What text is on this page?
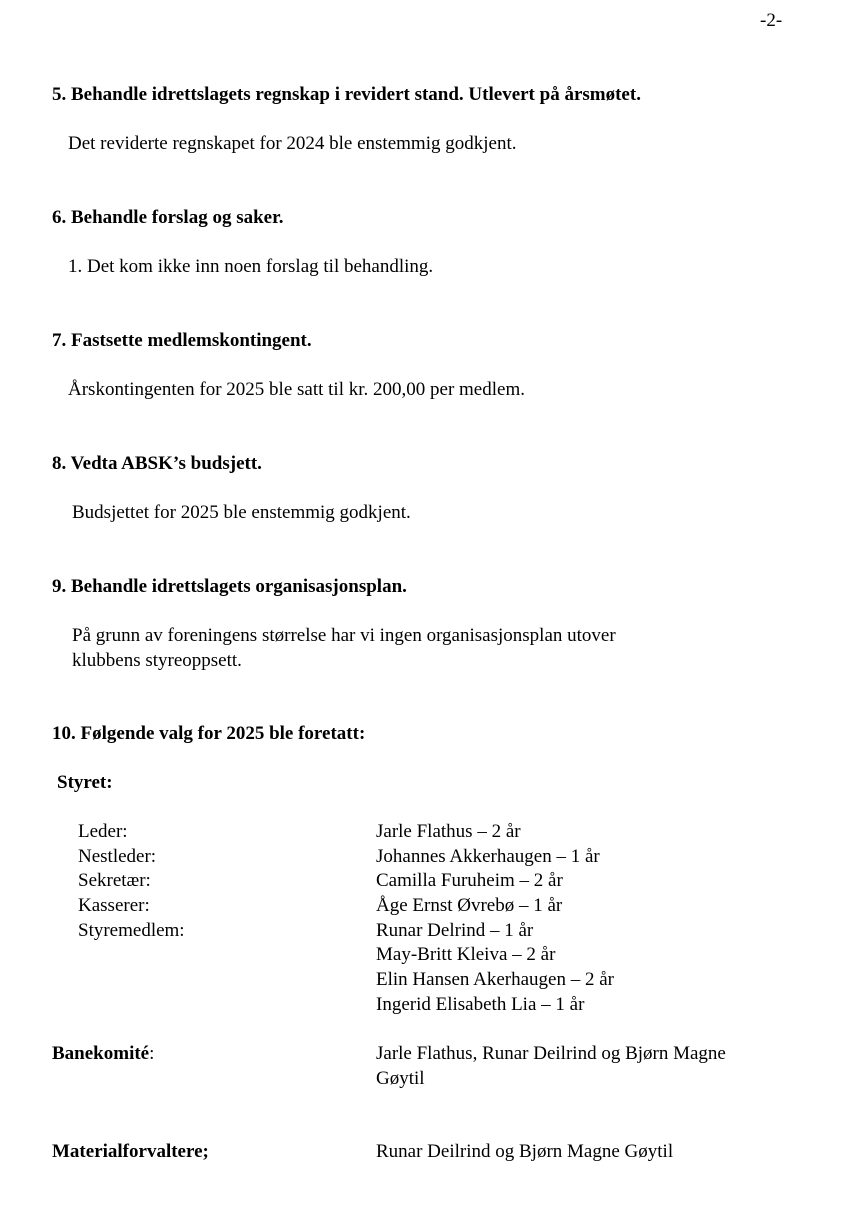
-2-
5. Behandle idrettslagets regnskap i revidert stand. Utlevert på årsmøtet.
Det reviderte regnskapet for 2024 ble enstemmig godkjent.
6. Behandle forslag og saker.
1. Det kom ikke inn noen forslag til behandling.
7. Fastsette medlemskontingent.
Årskontingenten for 2025 ble satt til kr. 200,00 per medlem.
8. Vedta ABSK’s budsjett.
Budsjettet for 2025 ble enstemmig godkjent.
9. Behandle idrettslagets organisasjonsplan.
På grunn av foreningens størrelse har vi ingen organisasjonsplan utover
klubbens styreoppsett.
10. Følgende valg for 2025 ble foretatt:
Styret:
Leder:
Nestleder:
Sekretær:
Kasserer:
Styremedlem:
Jarle Flathus – 2 år
Johannes Akkerhaugen – 1 år
Camilla Furuheim – 2 år
Åge Ernst Øvrebø – 1 år
Runar Delrind – 1 år
May-Britt Kleiva – 2 år
Elin Hansen Akerhaugen – 2 år
Ingerid Elisabeth Lia – 1 år
Banekomité:	Jarle Flathus, Runar Deilrind og Bjørn Magne
Gøytil
Materialforvaltere;	Runar Deilrind og Bjørn Magne Gøytil
